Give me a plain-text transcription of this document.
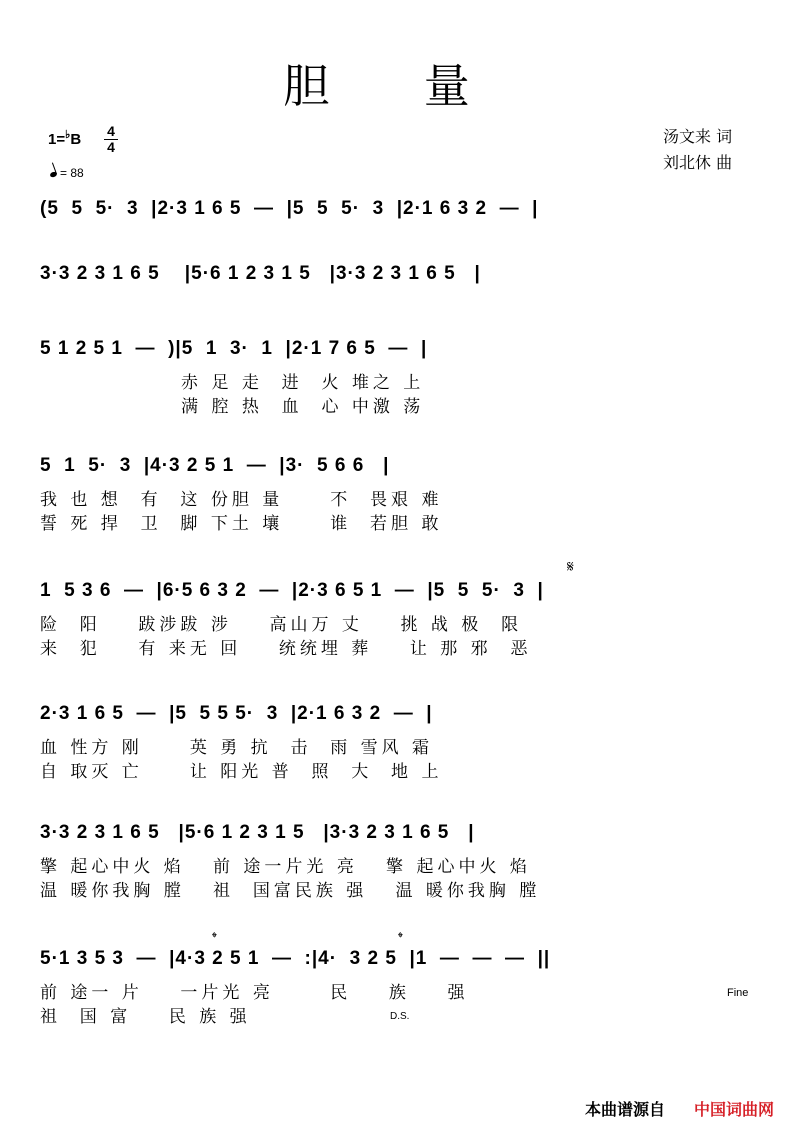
胆 量
1=♭B 4
4
= 88
汤文来 词
刘北休 曲
(5  5  5·  3  |2·3 1 6 5  —  |5  5  5·  3  |2·1 6 3 2  —  |
3·3 2 3 1 6 5    |5·6 1 2 3 1 5   |3·3 2 3 1 6 5   |
5 1 2 5 1  —  )|5  1  3·  1  |2·1 7 6 5  —  |
赤 足 走  进  火 堆之 上
满 腔 热  血  心 中激 荡
5  1  5·  3  |4·3 2 5 1  —  |3·  5 6 6   |
我 也 想  有  这 份胆 量     不  畏艰 难
誓 死 捍  卫  脚 下土 壤     谁  若胆 敢
1  5 3 6  —  |6·5 6 3 2  —  |2·3 6 5 1  —  |5  5  5·  3  |
险  阳    跋涉跋 涉    高山万 丈    挑 战 极  限
来  犯    有 来无 回    统统埋 葬    让 那 邪  恶
2·3 1 6 5  —  |5  5 5 5·  3  |2·1 6 3 2  —  |
血 性方 刚     英 勇 抗  击  雨 雪风 霜
自 取灭 亡     让 阳光 普  照  大  地 上
3·3 2 3 1 6 5   |5·6 1 2 3 1 5   |3·3 2 3 1 6 5   |
擎 起心中火 焰   前 途一片光 亮   擎 起心中火 焰
温 暖你我胸 膛   祖  国富民族 强   温 暖你我胸 膛
5·1 3 5 3  —  |4·3 2 5 1  —  :|4·  3 2 5  |1  —  —  —  ||
前 途一 片    一片光 亮      民    族    强
祖  国 富    民 族 强
𝄋
𝄌	𝄌
Fine
D.S.
本曲谱源自 中国词曲网
